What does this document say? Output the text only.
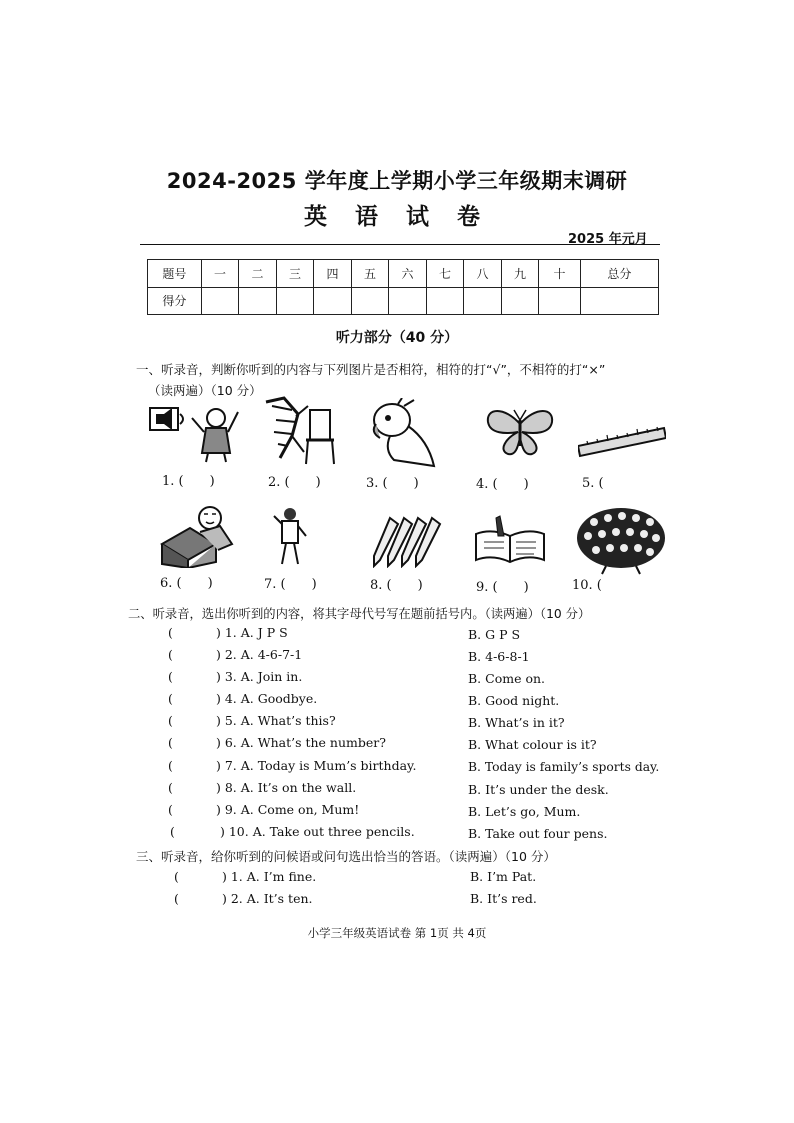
2024-2025 学年度上学期小学三年级期末调研
英 语 试 卷
2025 年元月
题号	一	二	三	四	五	六	七	八	九	十	总分
得分											
听力部分（40 分）
一、听录音，判断你听到的内容与下列图片是否相符，相符的打“√”，不相符的打“×”
（读两遍）（10 分）
1. (　　)	2. (　　)	3. (　　)	4. (　　)	5. (
6. (　　)	7. (　　)	8. (　　)	9. (　　)	10. (
二、听录音，选出你听到的内容，将其字母代号写在题前括号内。（读两遍）（10 分）
(	) 1. A. J P S	B. G P S
(	) 2. A. 4-6-7-1	B. 4-6-8-1
(	) 3. A. Join in.	B. Come on.
(	) 4. A. Goodbye.	B. Good night.
(	) 5. A. What’s this?	B. What’s in it?
(	) 6. A. What’s the number?	B. What colour is it?
(	) 7. A. Today is Mum’s birthday.	B. Today is family’s sports day.
(	) 8. A. It’s on the wall.	B. It’s under the desk.
(	) 9. A. Come on, Mum!	B. Let’s go, Mum.
(	) 10. A. Take out three pencils.	B. Take out four pens.
三、听录音，给你听到的问候语或问句选出恰当的答语。（读两遍）（10 分）
(	) 1. A. I’m fine.	B. I’m Pat.
(	) 2. A. It’s ten.	B. It’s red.
小学三年级英语试卷 第 1页 共 4页
